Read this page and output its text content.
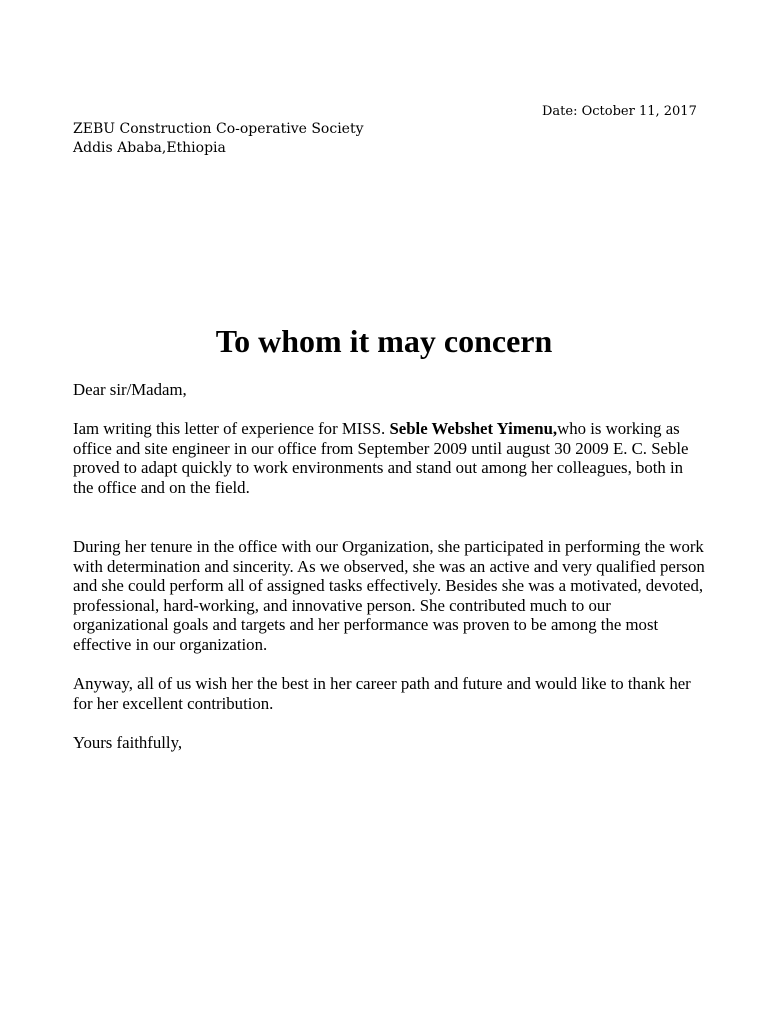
Date: October 11, 2017
ZEBU Construction Co-operative Society
Addis Ababa,Ethiopia
To whom it may concern

Dear sir/Madam,

Iam writing this letter of experience for MISS. Seble Webshet Yimenu,who is working as office and site engineer in our office from September 2009 until august 30 2009 E. C. Seble proved to adapt quickly to work environments and stand out among her colleagues, both in the office and on the field.

During her tenure in the office with our Organization, she participated in performing the work with determination and sincerity. As we observed, she was an active and very qualified person and she could perform all of assigned tasks effectively. Besides she was a motivated, devoted, professional, hard-working, and innovative person. She contributed much to our organizational goals and targets and her performance was proven to be among the most effective in our organization.

Anyway, all of us wish her the best in her career path and future and would like to thank her for her excellent contribution.

Yours faithfully,
